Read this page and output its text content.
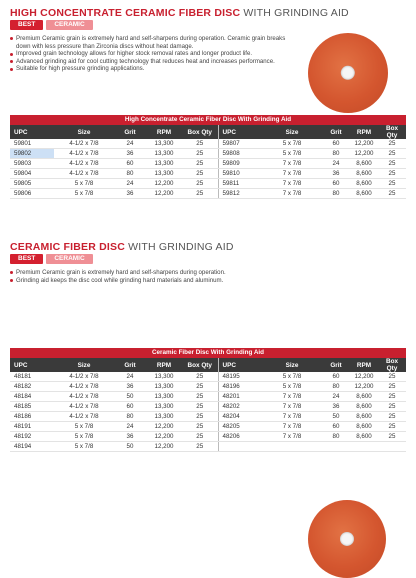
HIGH CONCENTRATE CERAMIC FIBER DISC WITH GRINDING AID
BEST	CERAMIC
Premium Ceramic grain is extremely hard and self-sharpens during operation. Ceramic grain breaks down with less pressure than Zirconia discs without heat damage.
Improved grain technology allows for higher stock removal rates and longer product life.
Advanced grinding aid for cool cutting technology that reduces heat and increases performance.
Suitable for high pressure grinding applications.
High Concentrate Ceramic Fiber Disc With Grinding Aid
UPC	Size	Grit	RPM	Box Qty	UPC	Size	Grit	RPM	Box Qty
59801	4-1/2 x 7/8	24	13,300	25	59807	5 x 7/8	60	12,200	25
59802	4-1/2 x 7/8	36	13,300	25	59808	5 x 7/8	80	12,200	25
59803	4-1/2 x 7/8	60	13,300	25	59809	7 x 7/8	24	8,600	25
59804	4-1/2 x 7/8	80	13,300	25	59810	7 x 7/8	36	8,600	25
59805	5 x 7/8	24	12,200	25	59811	7 x 7/8	60	8,600	25
59806	5 x 7/8	36	12,200	25	59812	7 x 7/8	80	8,600	25
CERAMIC FIBER DISC WITH GRINDING AID
BEST	CERAMIC
Premium Ceramic grain is extremely hard and self-sharpens during operation.
Grinding aid keeps the disc cool while grinding hard materials and aluminum.
Ceramic Fiber Disc With Grinding Aid
UPC	Size	Grit	RPM	Box Qty	UPC	Size	Grit	RPM	Box Qty
48181	4-1/2 x 7/8	24	13,300	25	48195	5 x 7/8	60	12,200	25
48182	4-1/2 x 7/8	36	13,300	25	48196	5 x 7/8	80	12,200	25
48184	4-1/2 x 7/8	50	13,300	25	48201	7 x 7/8	24	8,600	25
48185	4-1/2 x 7/8	60	13,300	25	48202	7 x 7/8	36	8,600	25
48186	4-1/2 x 7/8	80	13,300	25	48204	7 x 7/8	50	8,600	25
48191	5 x 7/8	24	12,200	25	48205	7 x 7/8	60	8,600	25
48192	5 x 7/8	36	12,200	25	48206	7 x 7/8	80	8,600	25
48194	5 x 7/8	50	12,200	25					
